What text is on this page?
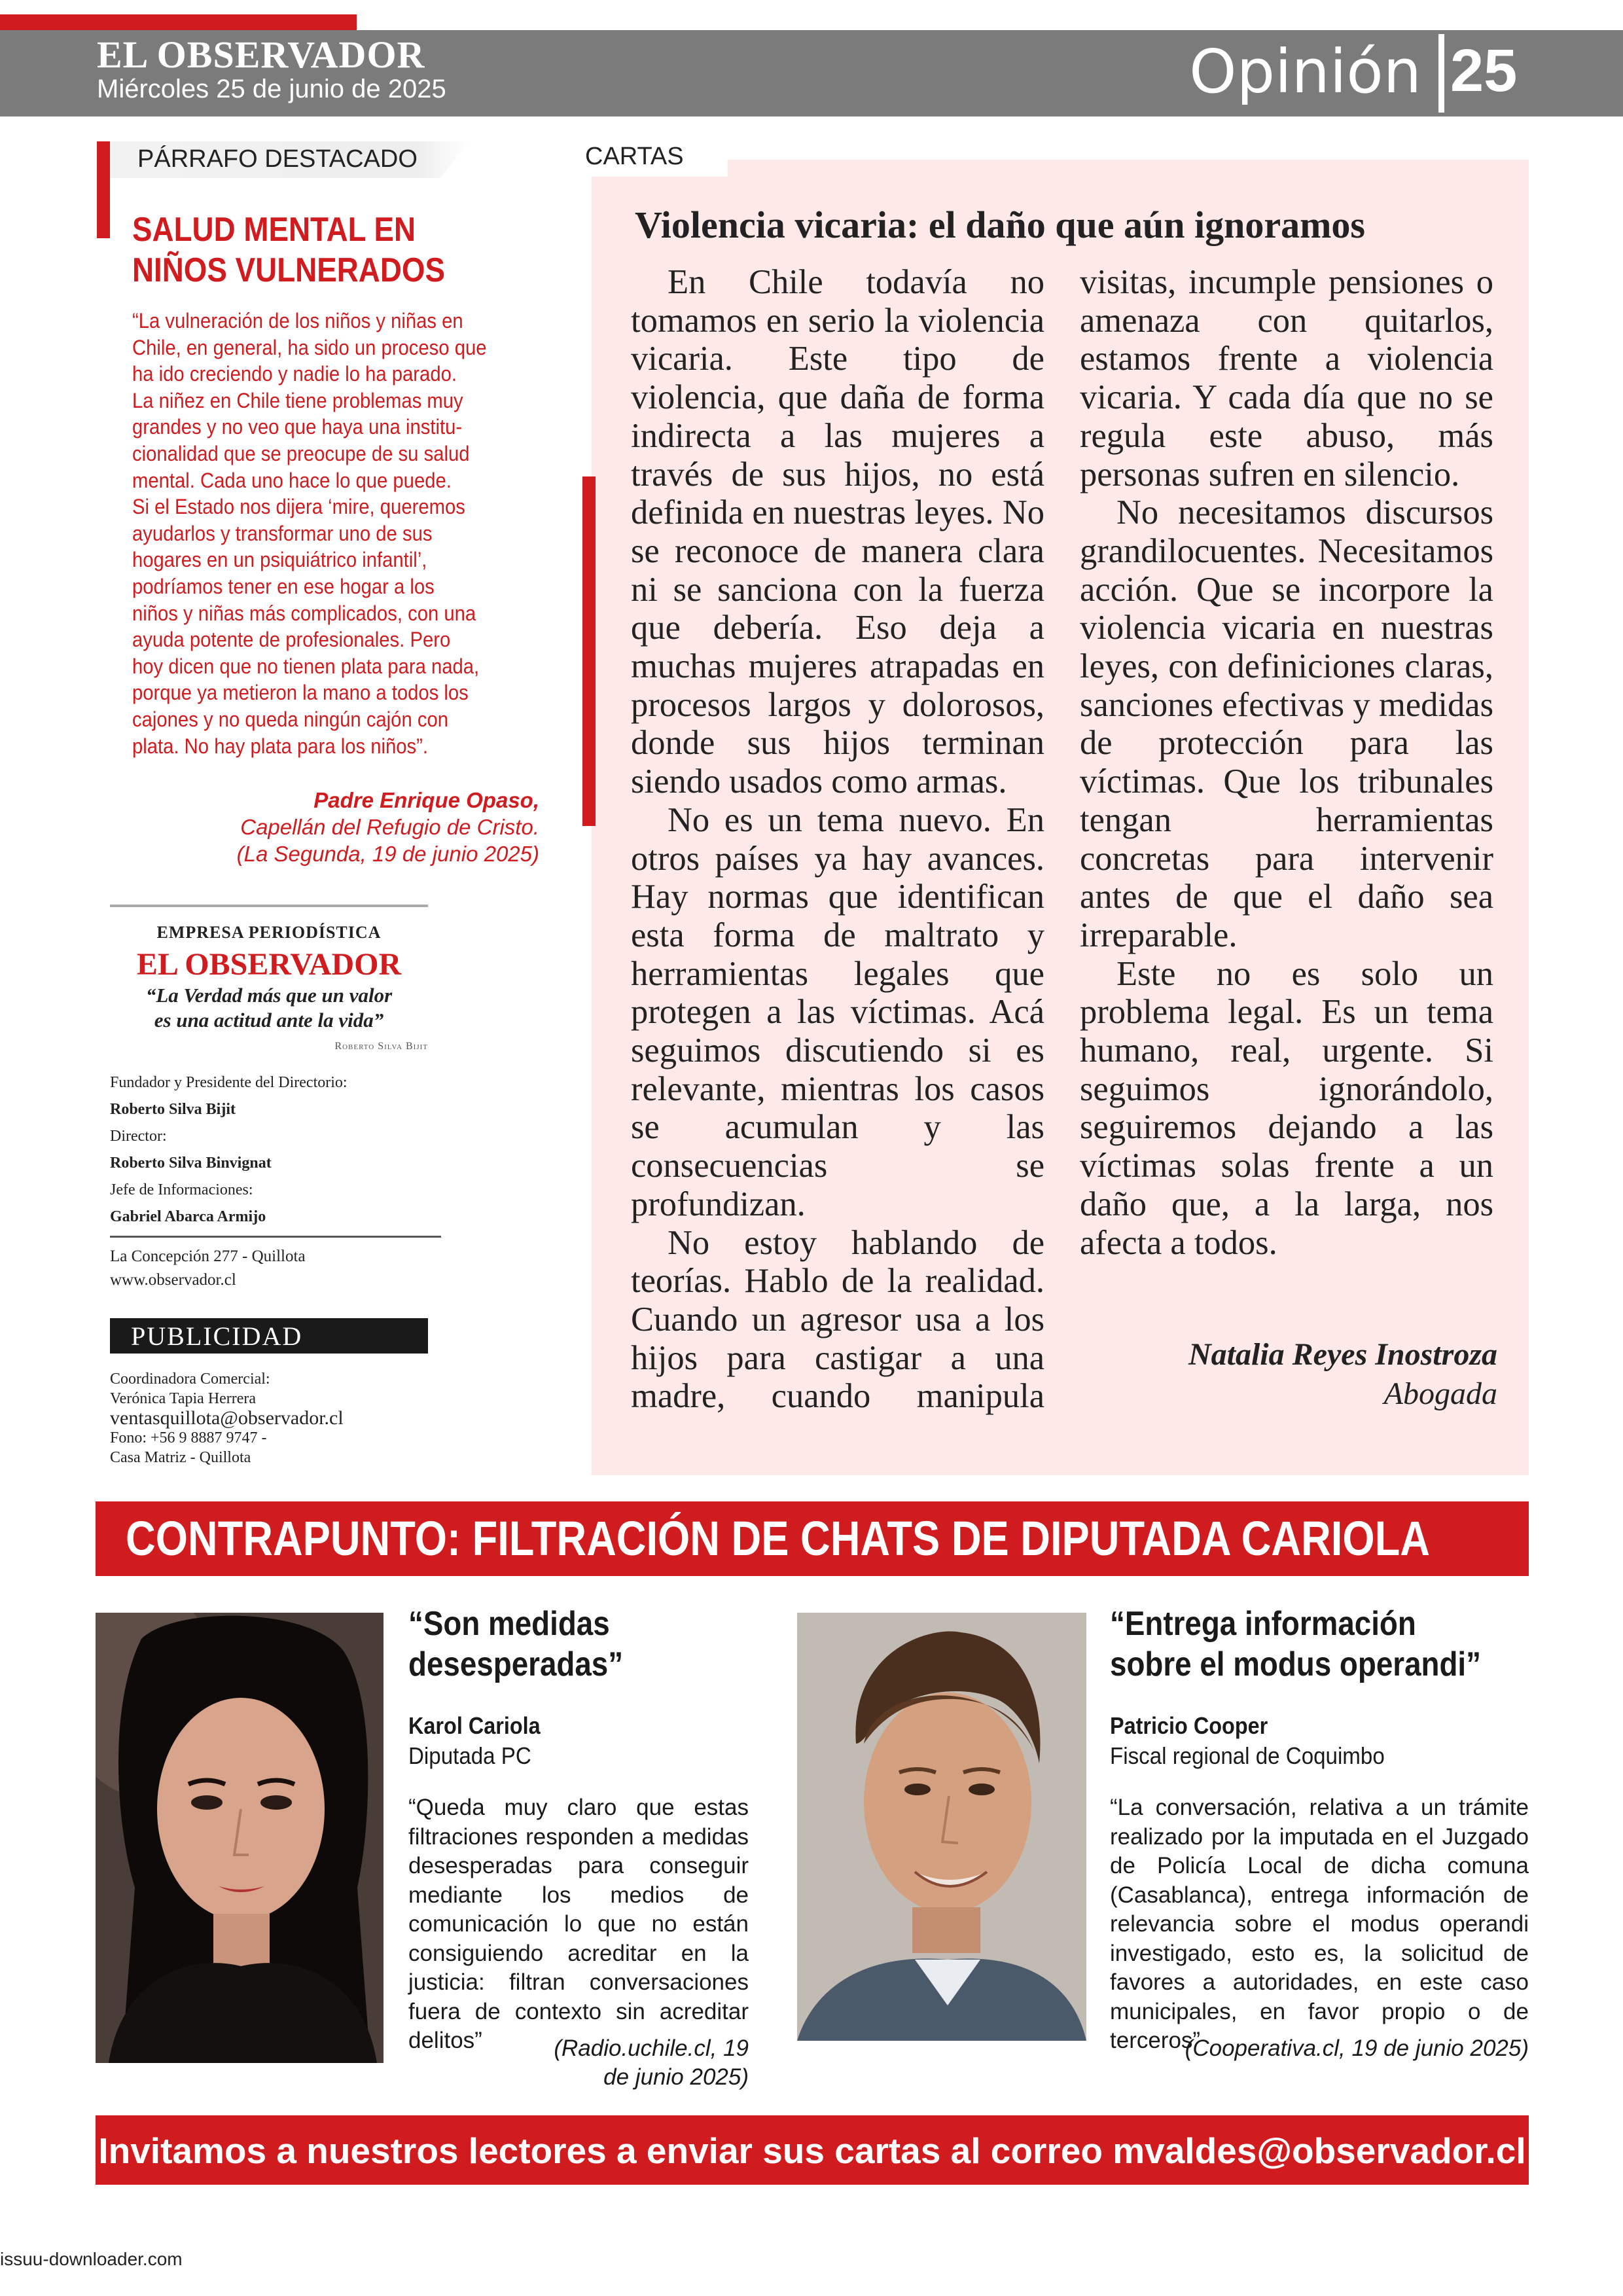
EL OBSERVADOR
Miércoles 25 de junio de 2025	Opinión 25
PÁRRAFO DESTACADO
SALUD MENTAL EN
NIÑOS VULNERADOS
“La vulneración de los niños y niñas en
Chile, en general, ha sido un proceso que
ha ido creciendo y nadie lo ha parado.
La niñez en Chile tiene problemas muy
grandes y no veo que haya una institu-
cionalidad que se preocupe de su salud
mental. Cada uno hace lo que puede.
Si el Estado nos dijera ‘mire, queremos
ayudarlos y transformar uno de sus
hogares en un psiquiátrico infantil’,
podríamos tener en ese hogar a los
niños y niñas más complicados, con una
ayuda potente de profesionales. Pero
hoy dicen que no tienen plata para nada,
porque ya metieron la mano a todos los
cajones y no queda ningún cajón con
plata. No hay plata para los niños”.
Padre Enrique Opaso,
Capellán del Refugio de Cristo.
(La Segunda, 19 de junio 2025)
EMPRESA PERIODÍSTICA
EL OBSERVADOR
“La Verdad más que un valor
es una actitud ante la vida”
Roberto Silva Bijit
Fundador y Presidente del Directorio:
Roberto Silva Bijit
Director:
Roberto Silva Binvignat
Jefe de Informaciones:
Gabriel Abarca Armijo
La Concepción 277 - Quillota
www.observador.cl
PUBLICIDAD
Coordinadora Comercial:
Verónica Tapia Herrera
ventasquillota@observador.cl
Fono: +56 9 8887 9747 -
Casa Matriz - Quillota
CARTAS
Violencia vicaria: el daño que aún ignoramos

En Chile todavía no tomamos en serio la violencia vicaria. Este tipo de violencia, que daña de forma indirecta a las mujeres a través de sus hijos, no está definida en nuestras leyes. No se reconoce de manera clara ni se sanciona con la fuerza que debería. Eso deja a muchas mujeres atrapadas en procesos largos y dolorosos, donde sus hijos terminan siendo usados como armas.

No es un tema nuevo. En otros países ya hay avances. Hay normas que identifican esta forma de maltrato y herramientas legales que protegen a las víctimas. Acá seguimos discutiendo si es relevante, mientras los casos se acumulan y las consecuencias se profundizan.

No estoy hablando de teorías. Hablo de la realidad. Cuando un agresor usa a los hijos para castigar a una madre, cuando manipula

visitas, incumple pensiones o amenaza con quitarlos, estamos frente a violencia vicaria. Y cada día que no se regula este abuso, más personas sufren en silencio.

No necesitamos discursos grandilocuentes. Necesitamos acción. Que se incorpore la violencia vicaria en nuestras leyes, con definiciones claras, sanciones efectivas y medidas de protección para las víctimas. Que los tribunales tengan herramientas concretas para intervenir antes de que el daño sea irreparable.

Este no es solo un problema legal. Es un tema humano, real, urgente. Si seguimos ignorándolo, seguiremos dejando a las víctimas solas frente a un daño que, a la larga, nos afecta a todos.

Natalia Reyes Inostroza
Abogada
CONTRAPUNTO: FILTRACIÓN DE CHATS DE DIPUTADA CARIOLA
“Son medidas
desesperadas”
Karol Cariola
Diputada PC
“Queda muy claro que estas filtraciones responden a medidas desesperadas para conseguir mediante los medios de comunicación lo que no están consiguiendo acreditar en la justicia: filtran conversaciones fuera de contexto sin acreditar delitos”	(Radio.uchile.cl, 19
de junio 2025)
“Entrega información
sobre el modus operandi”
Patricio Cooper
Fiscal regional de Coquimbo
“La conversación, relativa a un trámite realizado por la imputada en el Juzgado de Policía Local de dicha comuna (Casablanca), entrega información de relevancia sobre el modus operandi investigado, esto es, la solicitud de favores a autoridades, en este caso municipales, en favor propio o de terceros”
(Cooperativa.cl, 19 de junio 2025)
Invitamos a nuestros lectores a enviar sus cartas al correo mvaldes@observador.cl
issuu-downloader.com
